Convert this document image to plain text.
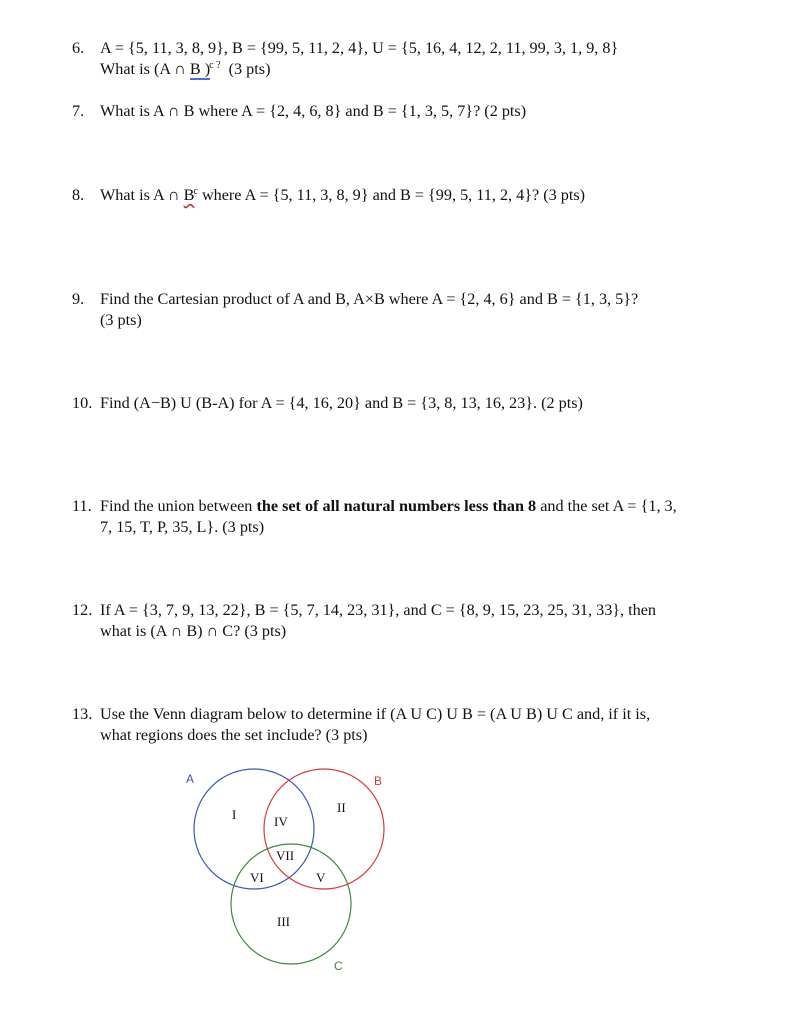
6. A = {5, 11, 3, 8, 9}, B = {99, 5, 11, 2, 4}, U = {5, 16, 4, 12, 2, 11, 99, 3, 1, 9, 8}
What is (A ∩ B )$^c$ ?  (3 pts)
7. What is A ∩ B where A = {2, 4, 6, 8} and B = {1, 3, 5, 7}? (2 pts)
8. What is A ∩ $B^c$ where A = {5, 11, 3, 8, 9} and B = {99, 5, 11, 2, 4}? (3 pts)
9. Find the Cartesian product of A and B, A×B where A = {2, 4, 6} and B = {1, 3, 5}?
(3 pts)
10. Find (A−B) U (B-A) for A = {4, 16, 20} and B = {3, 8, 13, 16, 23}. (2 pts)
11. Find the union between the set of all natural numbers less than 8 and the set A = {1, 3,
7, 15, T, P, 35, L}. (3 pts)
12. If A = {3, 7, 9, 13, 22}, B = {5, 7, 14, 23, 31}, and C = {8, 9, 15, 23, 25, 31, 33}, then
what is (A ∩ B) ∩ C? (3 pts)
13. Use the Venn diagram below to determine if (A U C) U B = (A U B) U C and, if it is,
what regions does the set include? (3 pts)
A	B
C
I	II
IV
VII
VI	V
III
